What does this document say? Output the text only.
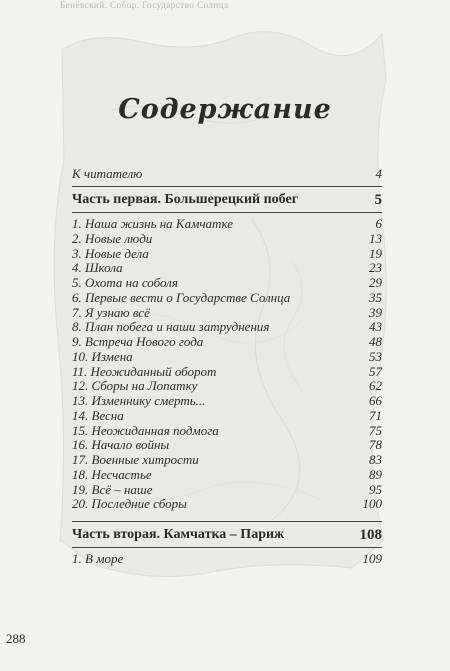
Бенёвский. Собор. Государство Солнца
Содержание
К читателю	4
Часть первая. Большерецкий побег	5
1. Наша жизнь на Камчатке	6
2. Новые люди	13
3. Новые дела	19
4. Школа	23
5. Охота на соболя	29
6. Первые вести о Государстве Солнца	35
7. Я узнаю всё	39
8. План побега и наши затруднения	43
9. Встреча Нового года	48
10. Измена	53
11. Неожиданный оборот	57
12. Сборы на Лопатку	62
13. Изменнику смерть...	66
14. Весна	71
15. Неожиданная подмога	75
16. Начало войны	78
17. Военные хитрости	83
18. Несчастье	89
19. Всё – наше	95
20. Последние сборы	100
Часть вторая. Камчатка – Париж	108
1. В море	109
288
